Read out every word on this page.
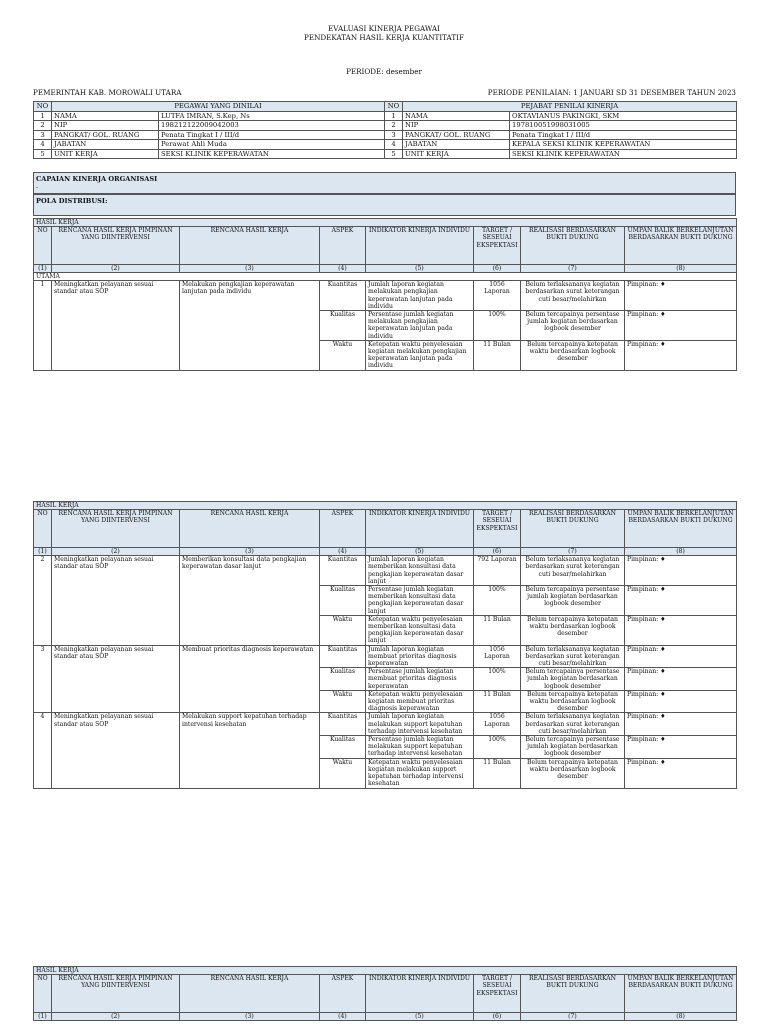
EVALUASI KINERJA PEGAWAI
PENDEKATAN HASIL KERJA KUANTITATIF
PERIODE: desember
PEMERINTAH KAB. MOROWALI UTARA	PERIODE PENILAIAN: 1 JANUARI SD 31 DESEMBER TAHUN 2023
NO	PEGAWAI YANG DINILAI		NO	PEJABAT PENILAI KINERJA	
1	NAMA	LUTFA IMRAN, S.Kep, Ns	1	NAMA	OKTAVIANUS PAKINGKI, SKM
2	NIP	198212122009042003	2	NIP	197810051998031005
3	PANGKAT/ GOL. RUANG	Penata Tingkat I / III/d	3	PANGKAT/ GOL. RUANG	Penata Tingkat I / III/d
4	JABATAN	Perawat Ahli Muda	4	JABATAN	KEPALA SEKSI KLINIK KEPERAWATAN
5	UNIT KERJA	SEKSI KLINIK KEPERAWATAN	5	UNIT KERJA	SEKSI KLINIK KEPERAWATAN
CAPAIAN KINERJA ORGANISASI
-
POLA DISTRIBUSI:
HASIL KERJA							
NO	RENCANA HASIL KERJA PIMPINAN YANG DIINTERVENSI	RENCANA HASIL KERJA	ASPEK	INDIKATOR KINERJA INDIVIDU	TARGET / SESEUAI EKSPEKTASI	REALISASI BERDASARKAN BUKTI DUKUNG	UMPAN BALIK BERKELANJUTAN BERDASARKAN BUKTI DUKUNG
(1)	(2)	(3)	(4)	(5)	(6)	(7)	(8)
UTAMA							
1	Meningkatkan pelayanan sesuai standar atau SOP	Melakukan pengkajian keperawatan lanjutan pada individu	Kuantitas	Jumlah laporan kegiatan melakukan pengkajian keperawatan lanjutan pada individu	1056 Laporan	Belum terlaksananya kegiatan berdasarkan surat keterangan cuti besar/melahirkan	Pimpinan: ♦
			Kualitas	Persentase jumlah kegiatan melakukan pengkajian keperawatan lanjutan pada individu	100%	Belum tercapainya persentase jumlah kegiatan berdasarkan logbook desember	Pimpinan: ♦
			Waktu	Ketepatan waktu penyelesaian kegiatan melakukan pengkajian keperawatan lanjutan pada individu	11 Bulan	Belum tercapainya ketepatan waktu berdasarkan logbook desember	Pimpinan: ♦
HASIL KERJA							
NO	RENCANA HASIL KERJA PIMPINAN YANG DIINTERVENSI	RENCANA HASIL KERJA	ASPEK	INDIKATOR KINERJA INDIVIDU	TARGET / SESEUAI EKSPEKTASI	REALISASI BERDASARKAN BUKTI DUKUNG	UMPAN BALIK BERKELANJUTAN BERDASARKAN BUKTI DUKUNG
(1)	(2)	(3)	(4)	(5)	(6)	(7)	(8)
2	Meningkatkan pelayanan sesuai standar atau SOP	Memberikan konsultasi data pengkajian keperawatan dasar lanjut	Kuantitas	Jumlah laporan kegiatan memberikan konsultasi data pengkajian keperawatan dasar lanjut	792 Laporan	Belum terlaksananya kegiatan berdasarkan surat keterangan cuti besar/melahirkan	Pimpinan: ♦
			Kualitas	Persentase jumlah kegiatan memberikan konsultasi data pengkajian keperawatan dasar lanjut	100%	Belum tercapainya persentase jumlah kegiatan berdasarkan logbook desember	Pimpinan: ♦
			Waktu	Ketepatan waktu penyelesaian memberikan konsultasi data pengkajian keperawatan dasar lanjut	11 Bulan	Belum tercapainya ketepatan waktu berdasarkan logbook desember	Pimpinan: ♦
3	Meningkatkan pelayanan sesuai standar atau SOP	Membuat prioritas diagnosis keperawatan	Kuantitas	Jumlah laporan kegiatan membuat prioritas diagnosis keperawatan	1056 Laporan	Belum terlaksananya kegiatan berdasarkan surat keterangan cuti besar/melahirkan	Pimpinan: ♦
			Kualitas	Persentase jumlah kegiatan membuat prioritas diagnosis keperawatan	100%	Belum tercapainya persentase jumlah kegiatan berdasarkan logbook desember	Pimpinan: ♦
			Waktu	Ketepatan waktu penyelesaian kegiatan membuat prioritas diagnosis keperawatan	11 Bulan	Belum tercapainya ketepatan waktu berdasarkan logbook desember	Pimpinan: ♦
4	Meningkatkan pelayanan sesuai standar atau SOP	Melakukan support kepatuhan terhadap intervensi kesehatan	Kuantitas	Jumlah laporan kegiatan melakukan support kepatuhan terhadap intervensi kesehatan	1056 Laporan	Belum terlaksananya kegiatan berdasarkan surat keterangan cuti besar/melahirkan	Pimpinan: ♦
			Kualitas	Persentase jumlah kegiatan melakukan support kepatuhan terhadap intervensi kesehatan	100%	Belum tercapainya persentase jumlah kegiatan berdasarkan logbook desember	Pimpinan: ♦
			Waktu	Ketepatan waktu penyelesaian kegiatan melakukan support kepatuhan terhadap intervensi kesehatan	11 Bulan	Belum tercapainya ketepatan waktu berdasarkan logbook desember	Pimpinan: ♦
HASIL KERJA							
NO	RENCANA HASIL KERJA PIMPINAN YANG DIINTERVENSI	RENCANA HASIL KERJA	ASPEK	INDIKATOR KINERJA INDIVIDU	TARGET / SESEUAI EKSPEKTASI	REALISASI BERDASARKAN BUKTI DUKUNG	UMPAN BALIK BERKELANJUTAN BERDASARKAN BUKTI DUKUNG
(1)	(2)	(3)	(4)	(5)	(6)	(7)	(8)
